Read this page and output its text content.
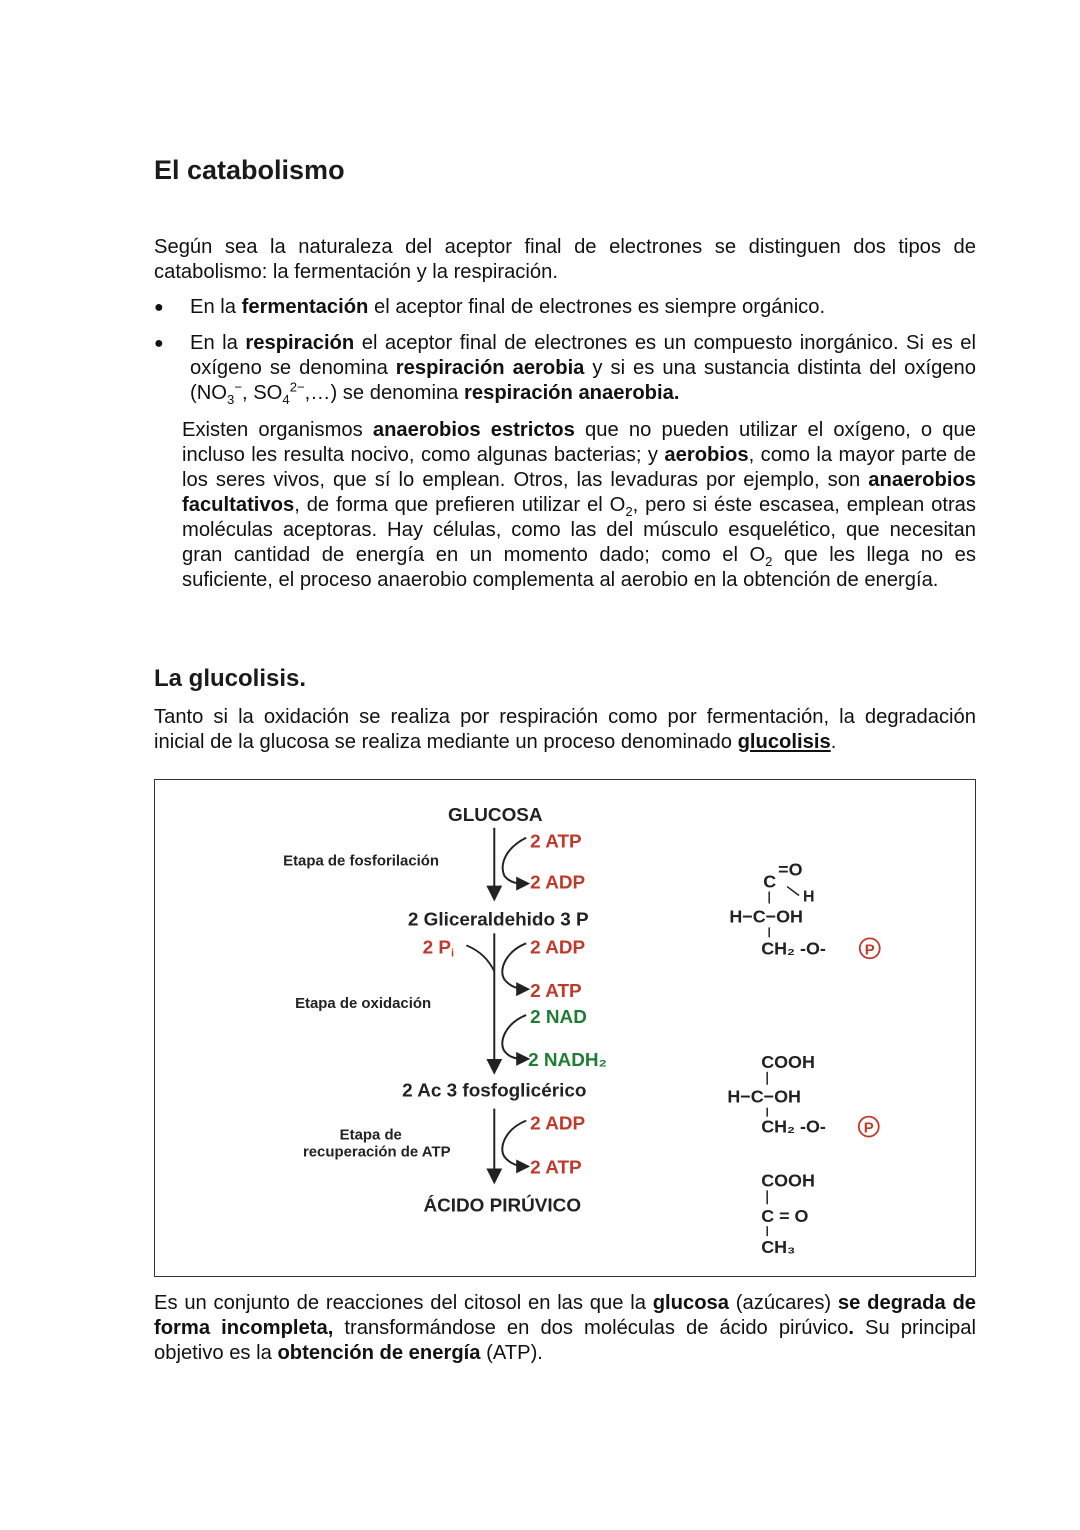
El catabolismo

Según sea la naturaleza del aceptor final de electrones se distinguen dos tipos de catabolismo: la fermentación y la respiración.

● En la fermentación el aceptor final de electrones es siempre orgánico.
● En la respiración el aceptor final de electrones es un compuesto inorgánico. Si es el oxígeno se denomina respiración aerobia y si es una sustancia distinta del oxígeno ($NO_3^-$, $SO_4^{2-},\dots$) se denomina respiración anaerobia.

Existen organismos anaerobios estrictos que no pueden utilizar el oxígeno, o que incluso les resulta nocivo, como algunas bacterias; y aerobios, como la mayor parte de los seres vivos, que sí lo emplean. Otros, las levaduras por ejemplo, son anaerobios facultativos, de forma que prefieren utilizar el $O_2$, pero si éste escasea, emplean otras moléculas aceptoras. Hay células, como las del músculo esquelético, que necesitan gran cantidad de energía en un momento dado; como el $O_2$ que les llega no es suficiente, el proceso anaerobio complementa al aerobio en la obtención de energía.

La glucolisis.

Tanto si la oxidación se realiza por respiración como por fermentación, la degradación inicial de la glucosa se realiza mediante un proceso denominado glucolisis.

GLUCOSA
2 ATP
2 ADP
Etapa de fosforilación
2 Gliceraldehido 3 P
2 Pi	2 ADP
2 ATP
2 NAD
2 NADH₂
Etapa de oxidación
2 Ac 3 fosfoglicérico
2 ADP
2 ATP
Etapa de
recuperación de ATP
ÁCIDO PIRÚVICO
C
=O
H
H−C−OH
CH₂ -O-	P
COOH
H−C−OH
CH₂ -O-	P
COOH
C = O
CH₃

Es un conjunto de reacciones del citosol en las que la glucosa (azúcares) se degrada de forma incompleta, transformándose en dos moléculas de ácido pirúvico. Su principal objetivo es la obtención de energía (ATP).
